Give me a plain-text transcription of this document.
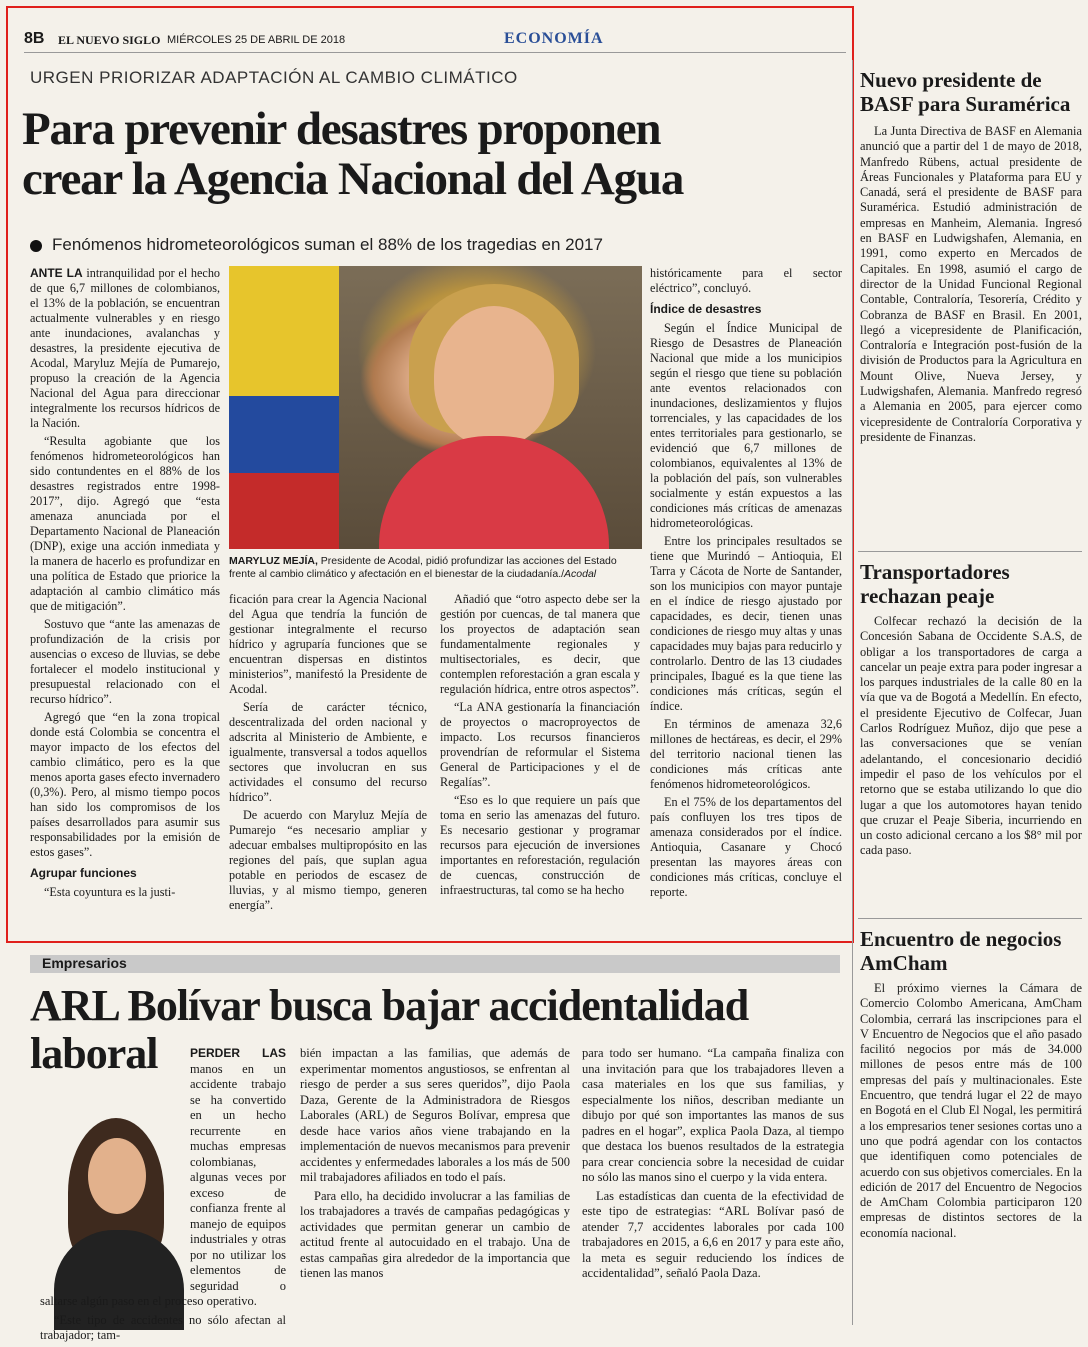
8B EL NUEVO SIGLO MIÉRCOLES 25 DE ABRIL DE 2018	ECONOMÍA
URGEN PRIORIZAR ADAPTACIÓN AL CAMBIO CLIMÁTICO
Para prevenir desastres proponen
crear la Agencia Nacional del Agua
Fenómenos hidrometeorológicos suman el 88% de los tragedias en 2017

ANTE LA intranquilidad por el hecho de que 6,7 millones de colombianos, el 13% de la población, se encuentran actualmente vulnerables y en riesgo ante inundaciones, avalanchas y desastres, la presidente ejecutiva de Acodal, Maryluz Mejía de Pumarejo, propuso la creación de la Agencia Nacional del Agua para direccionar integralmente los recursos hídricos de la Nación.

“Resulta agobiante que los fenómenos hidrometeorológicos han sido contundentes en el 88% de los desastres registrados entre 1998-2017”, dijo. Agregó que “esta amenaza anunciada por el Departamento Nacional de Planeación (DNP), exige una acción inmediata y la manera de hacerlo es profundizar en una política de Estado que priorice la adaptación al cambio climático más que de mitigación”.

Sostuvo que “ante las amenazas de profundización de la crisis por ausencias o exceso de lluvias, se debe fortalecer el modelo institucional y presupuestal relacionado con el recurso hídrico”.

Agregó que “en la zona tropical donde está Colombia se concentra el mayor impacto de los efectos del cambio climático, pero es la que menos aporta gases efecto invernadero (0,3%). Pero, al mismo tiempo pocos han sido los compromisos de los países desarrollados para asumir sus responsabilidades por la emisión de estos gases”.

Agrupar funciones

“Esta coyuntura es la justi-

MARYLUZ MEJÍA, Presidente de Acodal, pidió profundizar las acciones del Estado frente al cambio climático y afectación en el bienestar de la ciudadanía./Acodal

ficación para crear la Agencia Nacional del Agua que tendría la función de gestionar integralmente el recurso hídrico y agruparía funciones que se encuentran dispersas en distintos ministerios”, manifestó la Presidente de Acodal.

Sería de carácter técnico, descentralizada del orden nacional y adscrita al Ministerio de Ambiente, e igualmente, transversal a todos aquellos sectores que involucran en sus actividades el consumo del recurso hídrico”.

De acuerdo con Maryluz Mejía de Pumarejo “es necesario ampliar y adecuar embalses multipropósito en las regiones del país, que suplan agua potable en periodos de escasez de lluvias, y al mismo tiempo, generen energía”.

Añadió que “otro aspecto debe ser la gestión por cuencas, de tal manera que los proyectos de adaptación sean fundamentalmente regionales y multisectoriales, es decir, que contemplen reforestación a gran escala y regulación hídrica, entre otros aspectos”.

“La ANA gestionaría la financiación de proyectos o macroproyectos de impacto. Los recursos financieros provendrían de reformular el Sistema General de Participaciones y el de Regalías”.

“Eso es lo que requiere un país que toma en serio las amenazas del futuro. Es necesario gestionar y programar recursos para ejecución de inversiones importantes en reforestación, regulación de cuencas, construcción de infraestructuras, tal como se ha hecho

históricamente para el sector eléctrico”, concluyó.

Índice de desastres

Según el Índice Municipal de Riesgo de Desastres de Planeación Nacional que mide a los municipios según el riesgo que tiene su población ante eventos relacionados con inundaciones, deslizamientos y flujos torrenciales, y las capacidades de los entes territoriales para gestionarlo, se evidenció que 6,7 millones de colombianos, equivalentes al 13% de la población del país, son vulnerables socialmente y están expuestos a las condiciones más críticas de amenazas hidrometeorológicas.

Entre los principales resultados se tiene que Murindó – Antioquia, El Tarra y Cácota de Norte de Santander, son los municipios con mayor puntaje en el índice de riesgo ajustado por capacidades, es decir, tienen unas condiciones de riesgo muy altas y unas capacidades muy bajas para reducirlo y controlarlo. Dentro de las 13 ciudades principales, Ibagué es la que tiene las condiciones más críticas, según el índice.

En términos de amenaza 32,6 millones de hectáreas, es decir, el 29% del territorio nacional tienen las condiciones más críticas ante fenómenos hidrometeorológicos.

En el 75% de los departamentos del país confluyen los tres tipos de amenaza considerados por el índice. Antioquia, Casanare y Chocó presentan las mayores áreas con condiciones más críticas, concluye el reporte.

Nuevo presidente de BASF para Suramérica

La Junta Directiva de BASF en Alemania anunció que a partir del 1 de mayo de 2018, Manfredo Rübens, actual presidente de Áreas Funcionales y Plataforma para EU y Canadá, será el presidente de BASF para Suramérica. Estudió administración de empresas en Manheim, Alemania. Ingresó en BASF en Ludwigshafen, Alemania, en 1991, como experto en Mercados de Capitales. En 1998, asumió el cargo de director de la Unidad Funcional Regional Contable, Contraloría, Tesorería, Crédito y Cobranza de BASF en Brasil. En 2001, llegó a vicepresidente de Planificación, Contraloría e Integración post-fusión de la división de Productos para la Agricultura en Mount Olive, Nueva Jersey, y Ludwigshafen, Alemania. Manfredo regresó a Alemania en 2005, para ejercer como vicepresidente de Contraloría Corporativa y presidente de Finanzas.

Transportadores rechazan peaje

Colfecar rechazó la decisión de la Concesión Sabana de Occidente S.A.S, de obligar a los transportadores de carga a cancelar un peaje extra para poder ingresar a los parques industriales de la calle 80 en la vía que va de Bogotá a Medellín. En efecto, el presidente Ejecutivo de Colfecar, Juan Carlos Rodríguez Muñoz, dijo que pese a las conversaciones que se venían adelantando, el concesionario decidió impedir el paso de los vehículos por el retorno que se estaba utilizando lo que dio lugar a que los automotores hayan tenido que cruzar el Peaje Siberia, incurriendo en un costo adicional cercano a los $8° mil por cada paso.

Encuentro de negocios AmCham

El próximo viernes la Cámara de Comercio Colombo Americana, AmCham Colombia, cerrará las inscripciones para el V Encuentro de Negocios que el año pasado facilitó negocios por más de 34.000 millones de pesos entre más de 100 empresas del país y multinacionales. Este Encuentro, que tendrá lugar el 22 de mayo en Bogotá en el Club El Nogal, les permitirá a los empresarios tener sesiones cortas uno a uno que podrá agendar con los contactos que identifiquen como potenciales de acuerdo con sus objetivos comerciales. En la edición de 2017 del Encuentro de Negocios de AmCham Colombia participaron 120 empresas de distintos sectores de la economía nacional.

Empresarios
ARL Bolívar busca bajar accidentalidad laboral	PERDER LAS manos en un accidente trabajo se ha convertido en un hecho recurrente en muchas empresas colombianas, algunas veces por exceso de confianza frente al manejo de equipos industriales y otras por no utilizar los elementos de seguridad o saltarse algún paso en el proceso operativo.

“Este tipo de accidentes no sólo afectan al trabajador; tam-

bién impactan a las familias, que además de experimentar momentos angustiosos, se enfrentan al riesgo de perder a sus seres queridos”, dijo Paola Daza, Gerente de la Administradora de Riesgos Laborales (ARL) de Seguros Bolívar, empresa que desde hace varios años viene trabajando en la implementación de nuevos mecanismos para prevenir accidentes y enfermedades laborales a los más de 500 mil trabajadores afiliados en todo el país.

Para ello, ha decidido involucrar a las familias de los trabajadores a través de campañas pedagógicas y actividades que permitan generar un cambio de actitud frente al autocuidado en el trabajo. Una de estas campañas gira alrededor de la importancia que tienen las manos

para todo ser humano. “La campaña finaliza con una invitación para que los trabajadores lleven a casa materiales en los que sus familias, y especialmente los niños, describan mediante un dibujo por qué son importantes las manos de sus padres en el hogar”, explica Paola Daza, al tiempo que destaca los buenos resultados de la estrategia para crear conciencia sobre la necesidad de cuidar no sólo las manos sino el cuerpo y la vida entera.

Las estadísticas dan cuenta de la efectividad de este tipo de estrategias: “ARL Bolívar pasó de atender 7,7 accidentes laborales por cada 100 trabajadores en 2015, a 6,6 en 2017 y para este año, la meta es seguir reduciendo los índices de accidentalidad”, señaló Paola Daza.
